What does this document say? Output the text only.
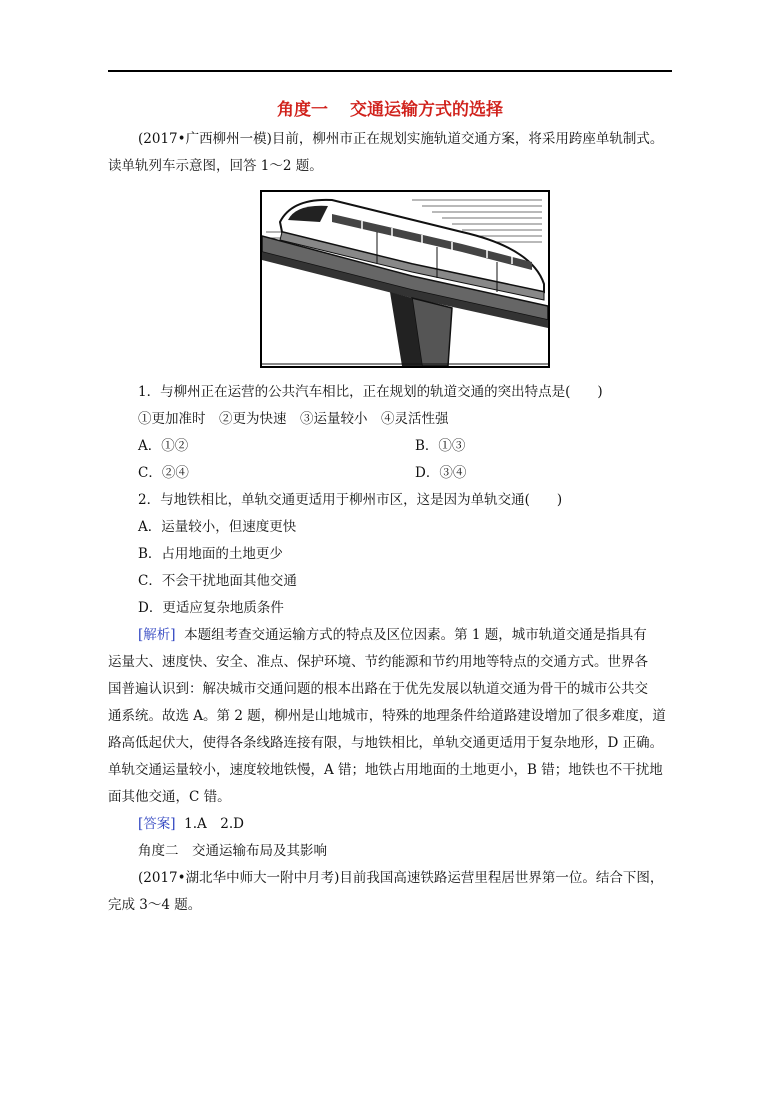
角度一 交通运输方式的选择
(2017•广西柳州一模)目前，柳州市正在规划实施轨道交通方案，将采用跨座单轨制式。
读单轨列车示意图，回答 1～2 题。
1．与柳州正在运营的公共汽车相比，正在规划的轨道交通的突出特点是(　　)
①更加准时　②更为快速　③运量较小　④灵活性强
A．①②	B．①③
C．②④	D．③④
2．与地铁相比，单轨交通更适用于柳州市区，这是因为单轨交通(　　)
A．运量较小，但速度更快
B．占用地面的土地更少
C．不会干扰地面其他交通
D．更适应复杂地质条件
[解析] 本题组考查交通运输方式的特点及区位因素。第 1 题，城市轨道交通是指具有
运量大、速度快、安全、准点、保护环境、节约能源和节约用地等特点的交通方式。世界各
国普遍认识到：解决城市交通问题的根本出路在于优先发展以轨道交通为骨干的城市公共交
通系统。故选 A。第 2 题，柳州是山地城市，特殊的地理条件给道路建设增加了很多难度，道
路高低起伏大，使得各条线路连接有限，与地铁相比，单轨交通更适用于复杂地形，D 正确。
单轨交通运量较小，速度较地铁慢，A 错；地铁占用地面的土地更小，B 错；地铁也不干扰地
面其他交通，C 错。
[答案] 1.A　2.D
角度二　交通运输布局及其影响
(2017•湖北华中师大一附中月考)目前我国高速铁路运营里程居世界第一位。结合下图，
完成 3～4 题。
